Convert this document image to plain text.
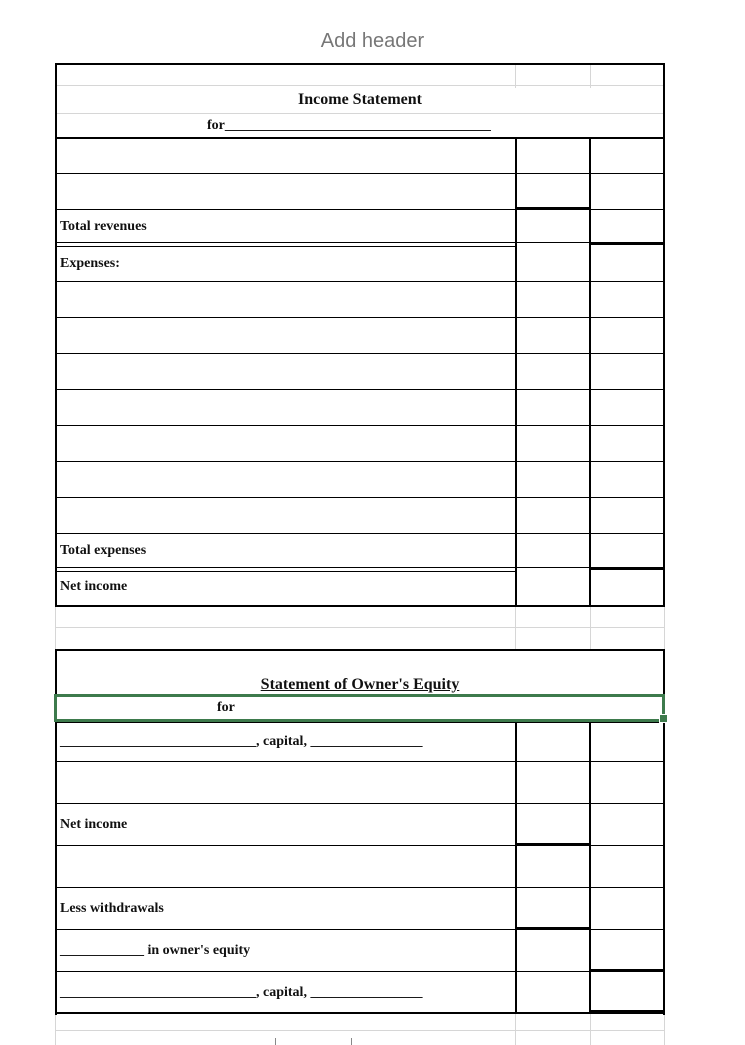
Add header
Income Statement
for______________________________________
Total revenues
Expenses:
Total expenses
Net income
Statement of Owner's Equity
for
____________________________, capital, ________________
Net income
Less withdrawals
____________ in owner's equity
____________________________, capital, ________________
